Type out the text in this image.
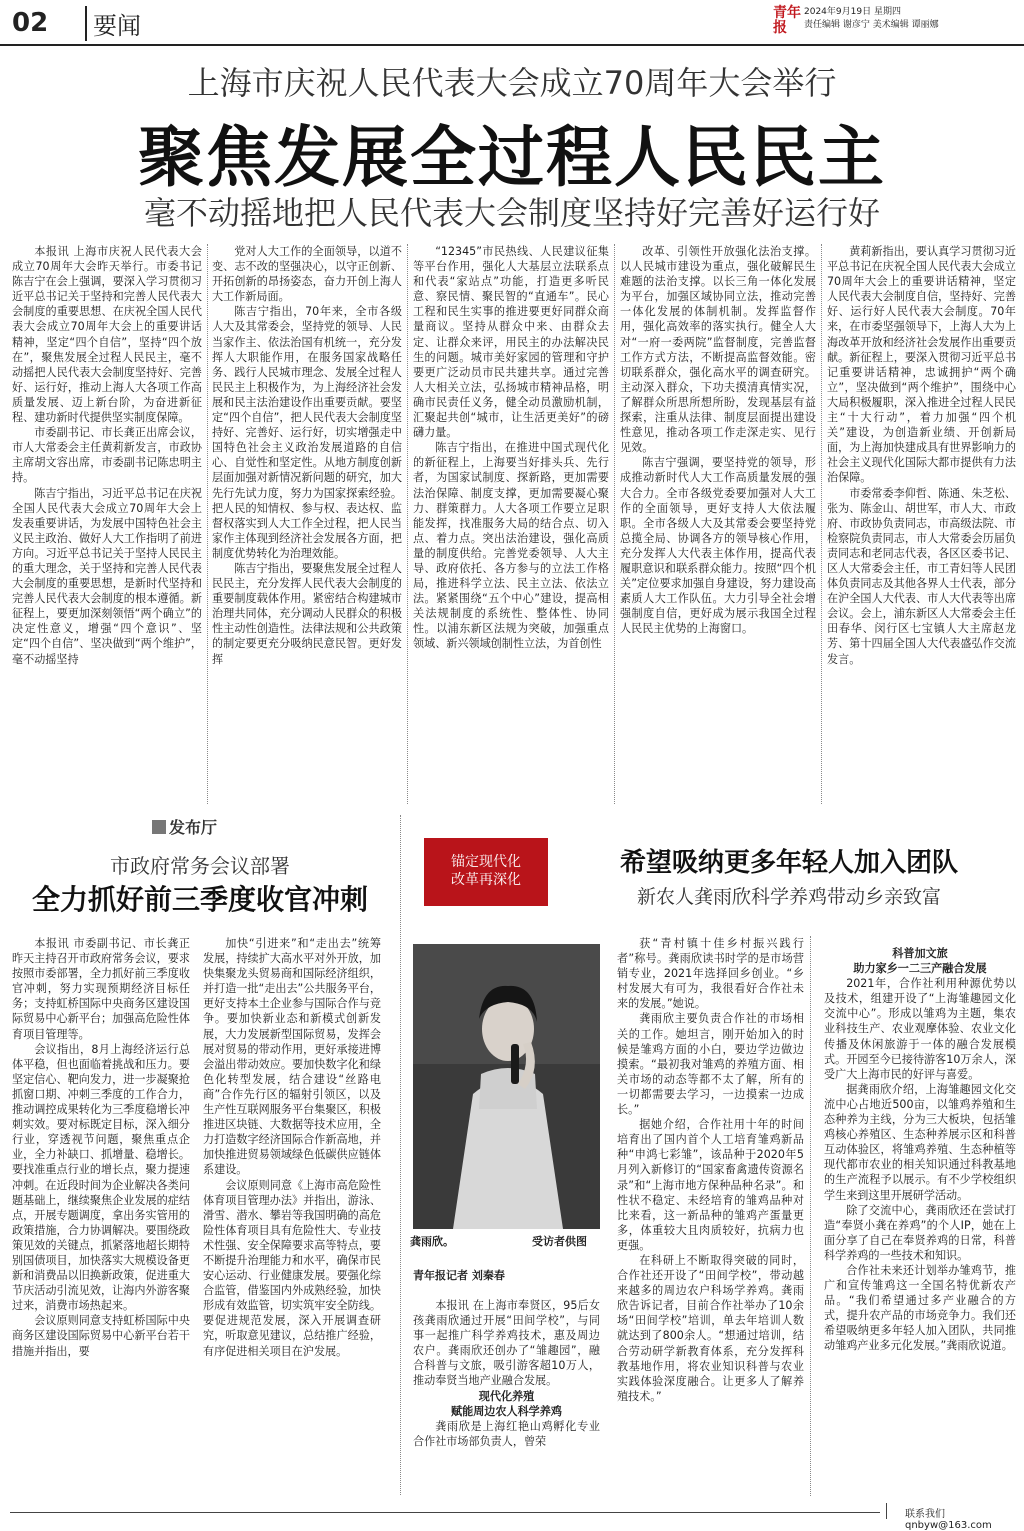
02	要闻	青年报
2024年9月19日 星期四
责任编辑 谢彦宁 美术编辑 谭丽娜
上海市庆祝人民代表大会成立70周年大会举行
聚焦发展全过程人民民主
毫不动摇地把人民代表大会制度坚持好完善好运行好

本报讯 上海市庆祝人民代表大会成立70周年大会昨天举行。市委书记陈吉宁在会上强调，要深入学习贯彻习近平总书记关于坚持和完善人民代表大会制度的重要思想、在庆祝全国人民代表大会成立70周年大会上的重要讲话精神，坚定“四个自信”，坚持“四个放在”，聚焦发展全过程人民民主，毫不动摇把人民代表大会制度坚持好、完善好、运行好，推动上海人大各项工作高质量发展、迈上新台阶，为奋进新征程、建功新时代提供坚实制度保障。

市委副书记、市长龚正出席会议，市人大常委会主任黄莉新发言，市政协主席胡文容出席，市委副书记陈忠明主持。

陈吉宁指出，习近平总书记在庆祝全国人民代表大会成立70周年大会上发表重要讲话，为发展中国特色社会主义民主政治、做好人大工作指明了前进方向。习近平总书记关于坚持人民民主的重大理念，关于坚持和完善人民代表大会制度的重要思想，是新时代坚持和完善人民代表大会制度的根本遵循。新征程上，要更加深刻领悟“两个确立”的决定性意义，增强“四个意识”、坚定“四个自信”、坚决做到“两个维护”，毫不动摇坚持

党对人大工作的全面领导，以道不变、志不改的坚强决心，以守正创新、开拓创新的昂扬姿态，奋力开创上海人大工作新局面。

陈吉宁指出，70年来，全市各级人大及其常委会，坚持党的领导、人民当家作主、依法治国有机统一，充分发挥人大职能作用，在服务国家战略任务、践行人民城市理念、发展全过程人民民主上积极作为，为上海经济社会发展和民主法治建设作出重要贡献。要坚定“四个自信”，把人民代表大会制度坚持好、完善好、运行好，切实增强走中国特色社会主义政治发展道路的自信心、自觉性和坚定性。从地方制度创新层面加强对新情况新问题的研究，加大先行先试力度，努力为国家探索经验。把人民的知情权、参与权、表达权、监督权落实到人大工作全过程，把人民当家作主体现到经济社会发展各方面，把制度优势转化为治理效能。

陈吉宁指出，要聚焦发展全过程人民民主，充分发挥人民代表大会制度的重要制度载体作用。紧密结合构建城市治理共同体，充分调动人民群众的积极性主动性创造性。法律法规和公共政策的制定要更充分吸纳民意民智。更好发挥

“12345”市民热线、人民建议征集等平台作用，强化人大基层立法联系点和代表“家站点”功能，打造更多听民意、察民情、聚民智的“直通车”。民心工程和民生实事的推进要更好同群众商量商议。坚持从群众中来、由群众去定、让群众来评，用民主的办法解决民生的问题。城市美好家园的管理和守护要更广泛动员市民共建共享。通过完善人大相关立法，弘扬城市精神品格，明确市民责任义务，健全动员激励机制，汇聚起共创“城市，让生活更美好”的磅礴力量。

陈吉宁指出，在推进中国式现代化的新征程上，上海要当好排头兵、先行者，为国家试制度、探新路，更加需要法治保障、制度支撑，更加需要凝心聚力、群策群力。人大各项工作要立足职能发挥，找准服务大局的结合点、切入点、着力点。突出法治建设，强化高质量的制度供给。完善党委领导、人大主导、政府依托、各方参与的立法工作格局，推进科学立法、民主立法、依法立法。紧紧围绕“五个中心”建设，提高相关法规制度的系统性、整体性、协同性。以浦东新区法规为突破，加强重点领域、新兴领域创制性立法，为首创性

改革、引领性开放强化法治支撑。以人民城市建设为重点，强化破解民生难题的法治支撑。以长三角一体化发展为平台，加强区域协同立法，推动完善一体化发展的体制机制。发挥监督作用，强化高效率的落实执行。健全人大对“一府一委两院”监督制度，完善监督工作方式方法，不断提高监督效能。密切联系群众，强化高水平的调查研究。主动深入群众，下功夫摸清真情实况，了解群众所思所想所盼，发现基层有益探索，注重从法律、制度层面提出建设性意见，推动各项工作走深走实、见行见效。

陈吉宁强调，要坚持党的领导，形成推动新时代人大工作高质量发展的强大合力。全市各级党委要加强对人大工作的全面领导，更好支持人大依法履职。全市各级人大及其常委会要坚持党总揽全局、协调各方的领导核心作用，充分发挥人大代表主体作用，提高代表履职意识和联系群众能力。按照“四个机关”定位要求加强自身建设，努力建设高素质人大工作队伍。大力引导全社会增强制度自信，更好成为展示我国全过程人民民主优势的上海窗口。

黄莉新指出，要认真学习贯彻习近平总书记在庆祝全国人民代表大会成立70周年大会上的重要讲话精神，坚定人民代表大会制度自信，坚持好、完善好、运行好人民代表大会制度。70年来，在市委坚强领导下，上海人大为上海改革开放和经济社会发展作出重要贡献。新征程上，要深入贯彻习近平总书记重要讲话精神，忠诚拥护“两个确立”，坚决做到“两个维护”，围绕中心大局积极履职，深入推进全过程人民民主“十大行动”，着力加强“四个机关”建设，为创造新业绩、开创新局面，为上海加快建成具有世界影响力的社会主义现代化国际大都市提供有力法治保障。

市委常委李仰哲、陈通、朱芝松、张为、陈金山、胡世军，市人大、市政府、市政协负责同志，市高级法院、市检察院负责同志，市人大常委会历届负责同志和老同志代表，各区区委书记、区人大常委会主任，市工青妇等人民团体负责同志及其他各界人士代表，部分在沪全国人大代表、市人大代表等出席会议。会上，浦东新区人大常委会主任田春华、闵行区七宝镇人大主席赵龙芳、第十四届全国人大代表盛弘作交流发言。

发布厅
市政府常务会议部署
全力抓好前三季度收官冲刺

本报讯 市委副书记、市长龚正昨天主持召开市政府常务会议，要求按照市委部署，全力抓好前三季度收官冲刺，努力实现预期经济目标任务；支持虹桥国际中央商务区建设国际贸易中心新平台；加强高危险性体育项目管理等。

会议指出，8月上海经济运行总体平稳，但也面临着挑战和压力。要坚定信心、靶向发力，进一步凝聚抢抓窗口期、冲刺三季度的工作合力，推动调控成果转化为三季度稳增长冲刺实效。要对标既定目标，深入细分行业，穿透视节问题，聚焦重点企业，全力补缺口、抓增量、稳增长。要找准重点行业的增长点，聚力提速冲刺。在近段时间为企业解决各类问题基础上，继续聚焦企业发展的症结点，开展专题调度，拿出务实管用的政策措施，合力协调解决。要围绕政策见效的关键点，抓紧落地超长期特别国债项目，加快落实大规模设备更新和消费品以旧换新政策，促进重大节庆活动引流见效，让海内外游客聚过来，消费市场热起来。

会议原则同意支持虹桥国际中央商务区建设国际贸易中心新平台若干措施并指出，要

加快“引进来”和“走出去”统筹发展，持续扩大高水平对外开放，加快集聚龙头贸易商和国际经济组织，并打造一批“走出去”公共服务平台，更好支持本土企业参与国际合作与竞争。要加快新业态和新模式创新发展，大力发展新型国际贸易，发挥会展对贸易的带动作用，更好承接进博会溢出带动效应。要加快数字化和绿色化转型发展，结合建设“丝路电商”合作先行区的辐射引领区，以及生产性互联网服务平台集聚区，积极推进区块链、大数据等技术应用，全力打造数字经济国际合作新高地，并加快推进贸易领域绿色低碳供应链体系建设。

会议原则同意《上海市高危险性体育项目管理办法》并指出，游泳、滑雪、潜水、攀岩等我国明确的高危险性体育项目具有危险性大、专业技术性强、安全保障要求高等特点，要不断提升治理能力和水平，确保市民安心运动、行业健康发展。要强化综合监管，借鉴国内外成熟经验，加快形成有效监管，切实筑牢安全防线。要促进规范发展，深入开展调查研究，听取意见建议，总结推广经验，有序促进相关项目在沪发展。

锚定现代化
改革再深化
希望吸纳更多年轻人加入团队
新农人龚雨欣科学养鸡带动乡亲致富
龚雨欣。	受访者供图
青年报记者 刘秦春

本报讯 在上海市奉贤区，95后女孩龚雨欣通过开展“田间学校”，与同事一起推广科学养鸡技术，惠及周边农户。龚雨欣还创办了“雏趣园”，融合科普与文旅，吸引游客超10万人，推动奉贤当地产业融合发展。

现代化养殖

赋能周边农人科学养鸡

龚雨欣是上海红艳山鸡孵化专业合作社市场部负责人，曾荣

获“青村镇十佳乡村振兴践行者”称号。龚雨欣读书时学的是市场营销专业，2021年选择回乡创业。“乡村发展大有可为，我很看好合作社未来的发展。”她说。

龚雨欣主要负责合作社的市场相关的工作。她坦言，刚开始加入的时候是雏鸡方面的小白，要边学边做边摸索。“最初我对雏鸡的养殖方面、相关市场的动态等都不太了解，所有的一切都需要去学习，一边摸索一边成长。”

据她介绍，合作社用十年的时间培育出了国内首个人工培育雏鸡新品种“申鸿七彩雏”，该品种于2020年5月列入新修订的“国家畜禽遗传资源名录”和“上海市地方保种品种名录”。和性状不稳定、未经培育的雏鸡品种对比来看，这一新品种的雏鸡产蛋量更多，体重较大且肉质较好，抗病力也更强。

在科研上不断取得突破的同时，合作社还开设了“田间学校”，带动越来越多的周边农户科场学养鸡。龚雨欣告诉记者，目前合作社举办了10余场“田间学校”培训，单去年培训人数就达到了800余人。“想通过培训，结合劳动研学新教育体系，充分发挥科教基地作用，将农业知识科普与农业实践体验深度融合。让更多人了解养殖技术。”

科普加文旅

助力家乡一二三产融合发展

2021年，合作社利用种源优势以及技术，组建开设了“上海雏趣园文化交流中心”。形成以雏鸡为主题，集农业科技生产、农业观摩体验、农业文化传播及休闲旅游于一体的融合发展模式。开园至今已接待游客10万余人，深受广大上海市民的好评与喜爱。

据龚雨欣介绍，上海雏趣园文化交流中心占地近500亩，以雏鸡养殖和生态种养为主线，分为三大板块，包括雏鸡核心养殖区、生态种养展示区和科普互动体验区，将雏鸡养殖、生态种植等现代都市农业的相关知识通过科教基地的生产流程予以展示。有不少学校组织学生来到这里开展研学活动。

除了交流中心，龚雨欣还在尝试打造“奉贤小龚在养鸡”的个人IP，她在上面分享了自己在奉贤养鸡的日常，科普科学养鸡的一些技术和知识。

合作社未来还计划举办雏鸡节，推广和宣传雏鸡这一全国名特优新农产品。“我们希望通过多产业融合的方式，提升农产品的市场竞争力。我们还希望吸纳更多年轻人加入团队，共同推动雏鸡产业多元化发展。”龚雨欣说道。

联系我们 qnbyw@163.com
